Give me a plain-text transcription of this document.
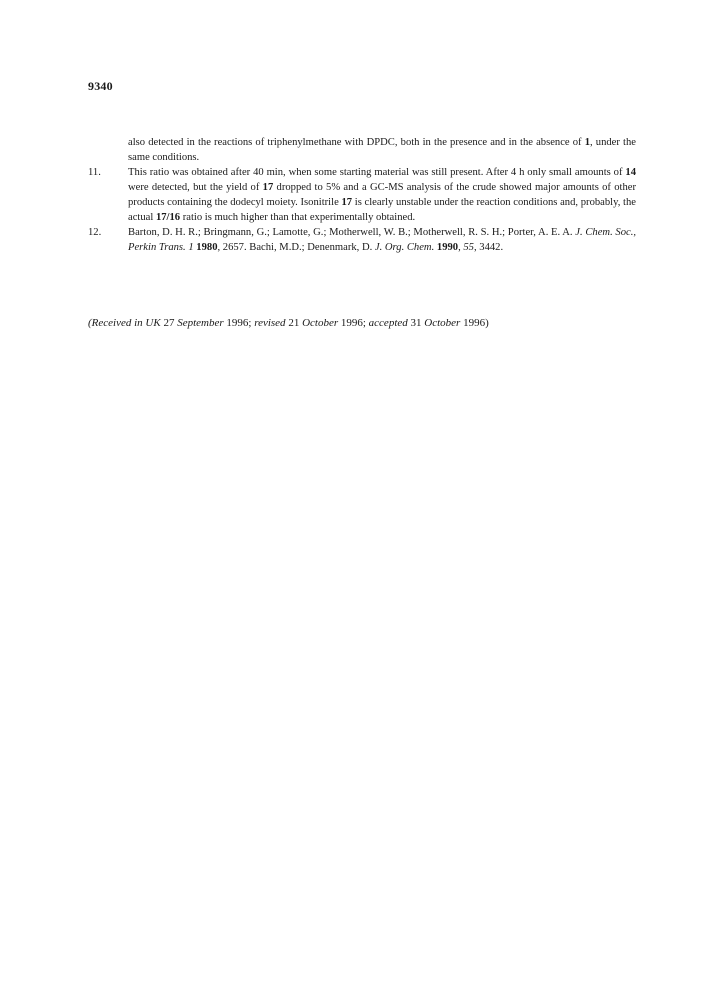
9340
also detected in the reactions of triphenylmethane with DPDC, both in the presence and in the absence of 1, under the same conditions.
11.	This ratio was obtained after 40 min, when some starting material was still present. After 4 h only small amounts of 14 were detected, but the yield of 17 dropped to 5% and a GC-MS analysis of the crude showed major amounts of other products containing the dodecyl moiety. Isonitrile 17 is clearly unstable under the reaction conditions and, probably, the actual 17/16 ratio is much higher than that experimentally obtained.
12.	Barton, D. H. R.; Bringmann, G.; Lamotte, G.; Motherwell, W. B.; Motherwell, R. S. H.; Porter, A. E. A. J. Chem. Soc., Perkin Trans. 1 1980, 2657. Bachi, M.D.; Denenmark, D. J. Org. Chem. 1990, 55, 3442.
(Received in UK 27 September 1996; revised 21 October 1996; accepted 31 October 1996)
